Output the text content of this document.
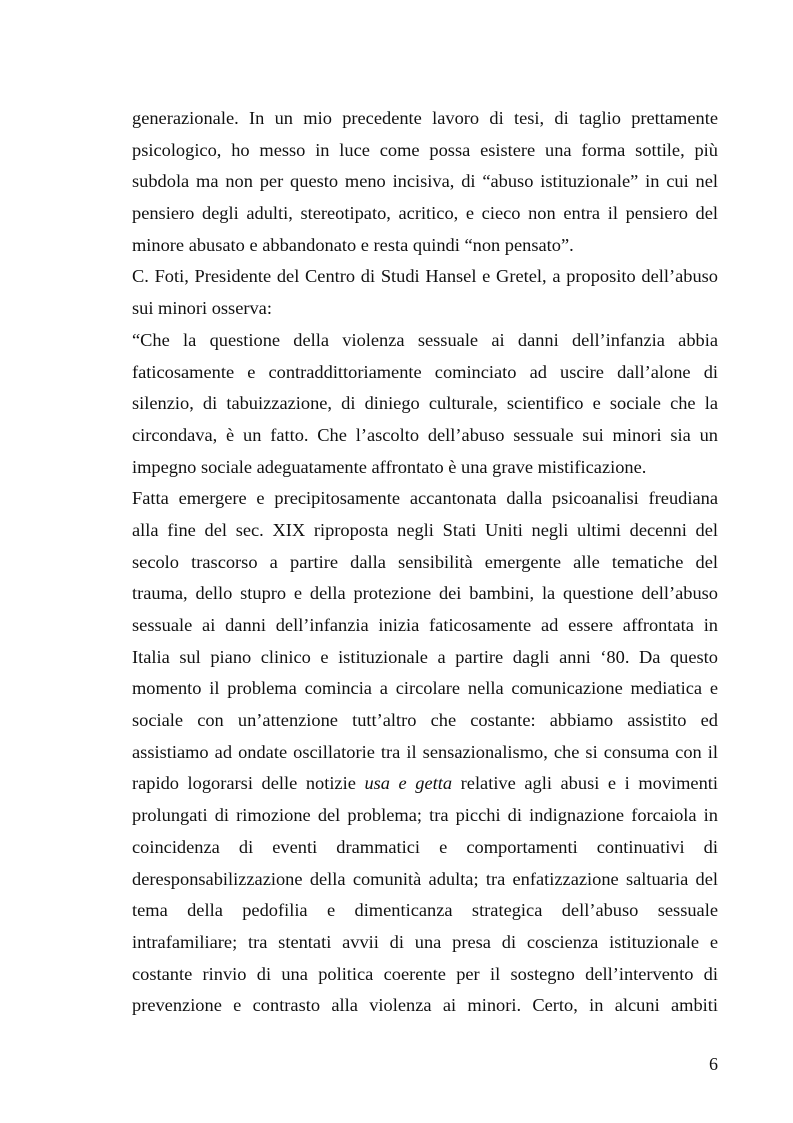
generazionale. In un mio precedente lavoro di tesi, di taglio prettamente
psicologico, ho messo in luce come possa esistere una forma sottile, più
subdola ma non per questo meno incisiva, di “abuso istituzionale” in cui nel
pensiero degli adulti, stereotipato, acritico, e cieco non entra il pensiero del
minore abusato e abbandonato e resta quindi “non pensato”.
C. Foti, Presidente del Centro di Studi Hansel e Gretel, a proposito dell’abuso
sui minori osserva:
“Che la questione della violenza sessuale ai danni dell’infanzia abbia
faticosamente e contraddittoriamente cominciato ad uscire dall’alone di
silenzio, di tabuizzazione, di diniego culturale, scientifico e sociale che la
circondava, è un fatto. Che l’ascolto dell’abuso sessuale sui minori sia un
impegno sociale adeguatamente affrontato è una grave mistificazione.
Fatta emergere e precipitosamente accantonata dalla psicoanalisi freudiana
alla fine del sec. XIX riproposta negli Stati Uniti negli ultimi decenni del
secolo trascorso a partire dalla sensibilità emergente alle tematiche del
trauma, dello stupro e della protezione dei bambini, la questione dell’abuso
sessuale ai danni dell’infanzia inizia faticosamente ad essere affrontata in
Italia sul piano clinico e istituzionale a partire dagli anni ‘80. Da questo
momento il problema comincia a circolare nella comunicazione mediatica e
sociale con un’attenzione tutt’altro che costante: abbiamo assistito ed
assistiamo ad ondate oscillatorie tra il sensazionalismo, che si consuma con il
rapido logorarsi delle notizie usa e getta relative agli abusi e i movimenti
prolungati di rimozione del problema; tra picchi di indignazione forcaiola in
coincidenza di eventi drammatici e comportamenti continuativi di
deresponsabilizzazione della comunità adulta; tra enfatizzazione saltuaria del
tema della pedofilia e dimenticanza strategica dell’abuso sessuale
intrafamiliare; tra stentati avvii di una presa di coscienza istituzionale e
costante rinvio di una politica coerente per il sostegno dell’intervento di
prevenzione e contrasto alla violenza ai minori. Certo, in alcuni ambiti
6
